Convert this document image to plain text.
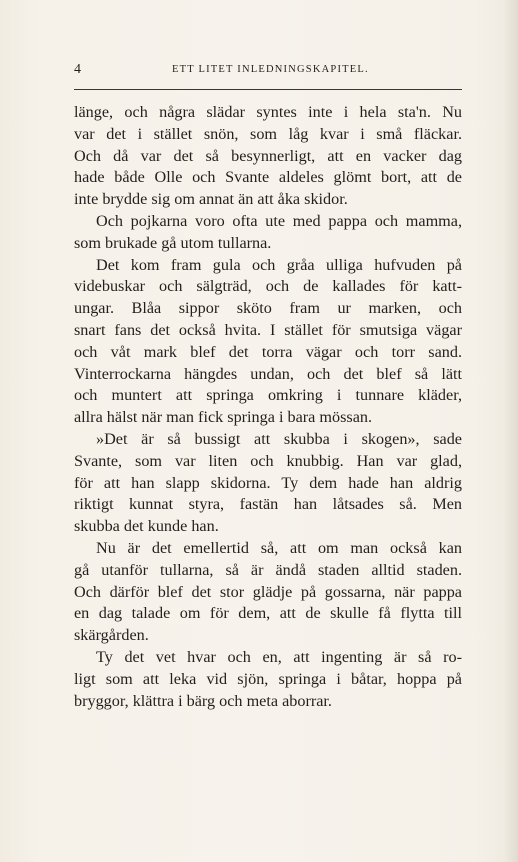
4	ETT LITET INLEDNINGSKAPITEL.
länge, och några slädar syntes inte i hela sta'n. Nu
var det i stället snön, som låg kvar i små fläckar.
Och då var det så besynnerligt, att en vacker dag
hade både Olle och Svante aldeles glömt bort, att de
inte brydde sig om annat än att åka skidor.
Och pojkarna voro ofta ute med pappa och mamma,
som brukade gå utom tullarna.
Det kom fram gula och gråa ulliga hufvuden på
videbuskar och sälgträd, och de kallades för katt-
ungar. Blåa sippor sköto fram ur marken, och
snart fans det också hvita. I stället för smutsiga vägar
och våt mark blef det torra vägar och torr sand.
Vinterrockarna hängdes undan, och det blef så lätt
och muntert att springa omkring i tunnare kläder,
allra hälst när man fick springa i bara mössan.
»Det är så bussigt att skubba i skogen», sade
Svante, som var liten och knubbig. Han var glad,
för att han slapp skidorna. Ty dem hade han aldrig
riktigt kunnat styra, fastän han låtsades så. Men
skubba det kunde han.
Nu är det emellertid så, att om man också kan
gå utanför tullarna, så är ändå staden alltid staden.
Och därför blef det stor glädje på gossarna, när pappa
en dag talade om för dem, att de skulle få flytta till
skärgården.
Ty det vet hvar och en, att ingenting är så ro-
ligt som att leka vid sjön, springa i båtar, hoppa på
bryggor, klättra i bärg och meta aborrar.
